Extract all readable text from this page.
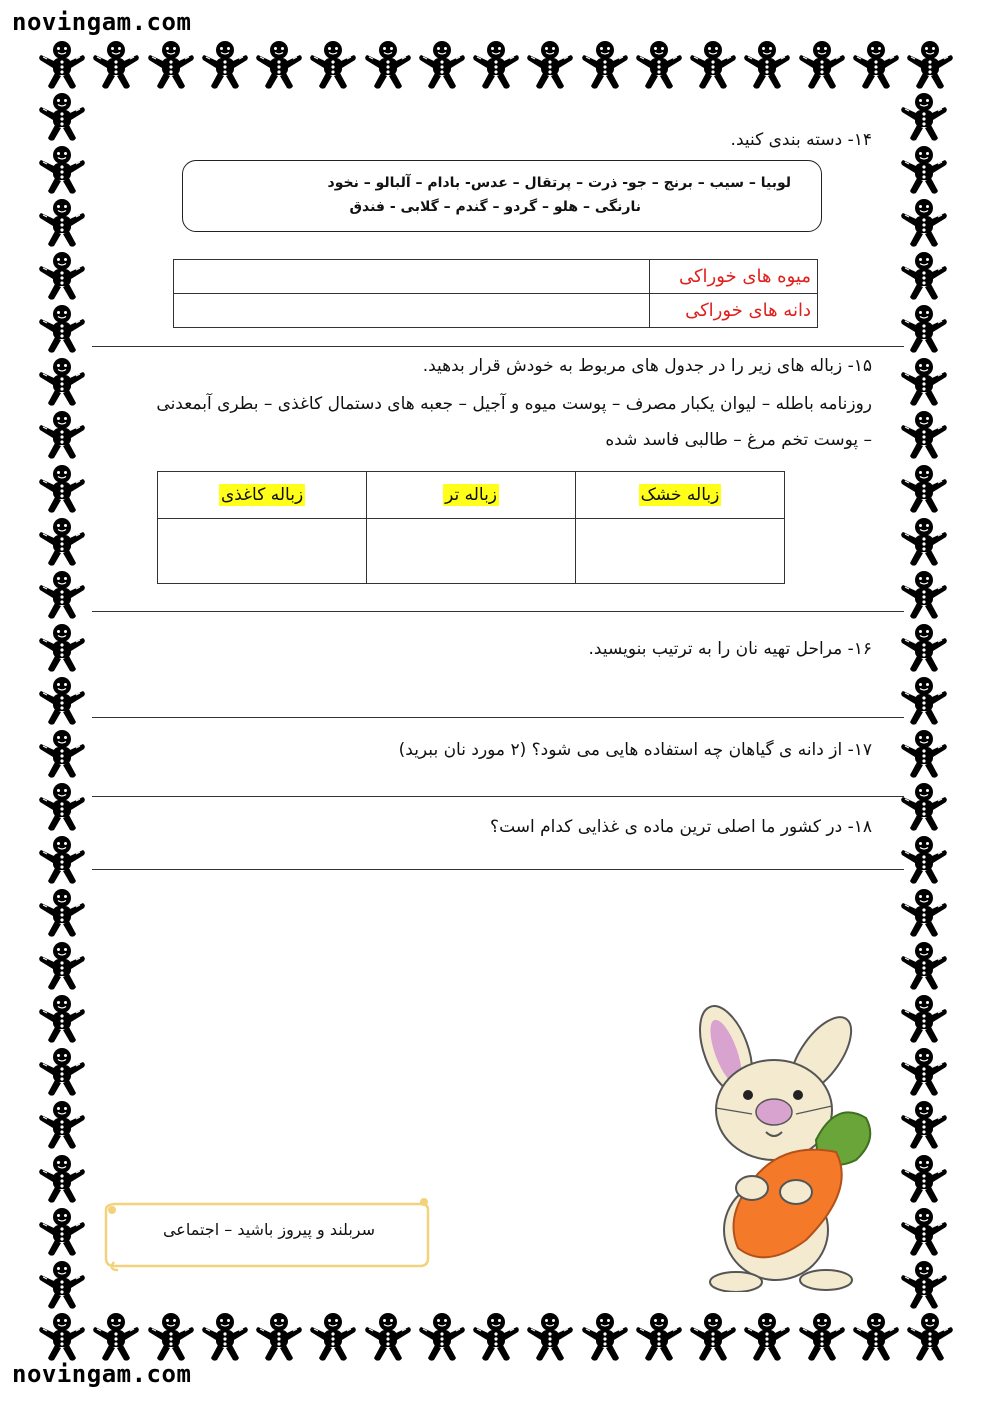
novingam.com
novingam.com
۱۴- دسته بندی کنید.
لوبیا – سیب – برنج – جو- ذرت – پرتقال – عدس- بادام – آلبالو – نخود
نارنگی – هلو – گردو – گندم – گلابی - فندق
میوه های خوراکی	
دانه های خوراکی	
۱۵- زباله های زیر را در جدول های مربوط به خودش قرار بدهید.
روزنامه باطله – لیوان یکبار مصرف – پوست میوه و آجیل – جعبه های دستمال کاغذی – بطری آبمعدنی
– پوست تخم مرغ – طالبی فاسد شده
زباله خشک	زباله تر	زباله کاغذی

۱۶- مراحل تهیه نان را به ترتیب بنویسید.
۱۷- از دانه ی گیاهان چه استفاده هایی می شود؟ (۲ مورد نان ببرید)
۱۸- در کشور ما اصلی ترین ماده ی غذایی کدام است؟
سربلند و پیروز باشید – اجتماعی
